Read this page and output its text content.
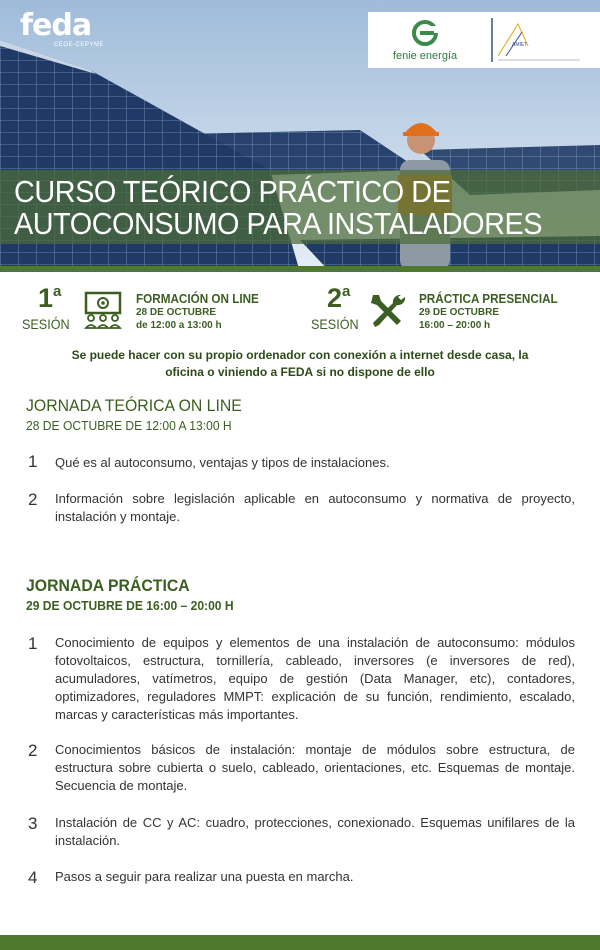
feda
CEOE-CEPYME
fenie energía
AMIET
CURSO TEÓRICO PRÁCTICO DE
AUTOCONSUMO PARA INSTALADORES
1$^a$
SESIÓN
FORMACIÓN ON LINE
28 DE OCTUBRE
de 12:00 a 13:00 h
2$^a$
SESIÓN
PRÁCTICA PRESENCIAL
29 DE OCTUBRE
16:00 – 20:00 h
Se puede hacer con su propio ordenador con conexión a internet desde casa, la
oficina o viniendo a FEDA si no dispone de ello
JORNADA TEÓRICA ON LINE
28 DE OCTUBRE DE 12:00 A 13:00 H
1 Qué es al autoconsumo, ventajas y tipos de instalaciones.
2 Información sobre legislación aplicable en autoconsumo y normativa de proyecto, instalación y montaje.
JORNADA PRÁCTICA
29 DE OCTUBRE DE 16:00 – 20:00 H
1 Conocimiento de equipos y elementos de una instalación de autoconsumo: módulos fotovoltaicos, estructura, tornillería, cableado, inversores (e inversores de red), acumuladores, vatímetros, equipo de gestión (Data Manager, etc), contadores, optimizadores, reguladores MMPT: explicación de su función, rendimiento, escalado, marcas y características más importantes.
2 Conocimientos básicos de instalación: montaje de módulos sobre estructura, de estructura sobre cubierta o suelo, cableado, orientaciones, etc. Esquemas de montaje. Secuencia de montaje.
3 Instalación de CC y AC: cuadro, protecciones, conexionado. Esquemas unifilares de la instalación.
4 Pasos a seguir para realizar una puesta en marcha.
